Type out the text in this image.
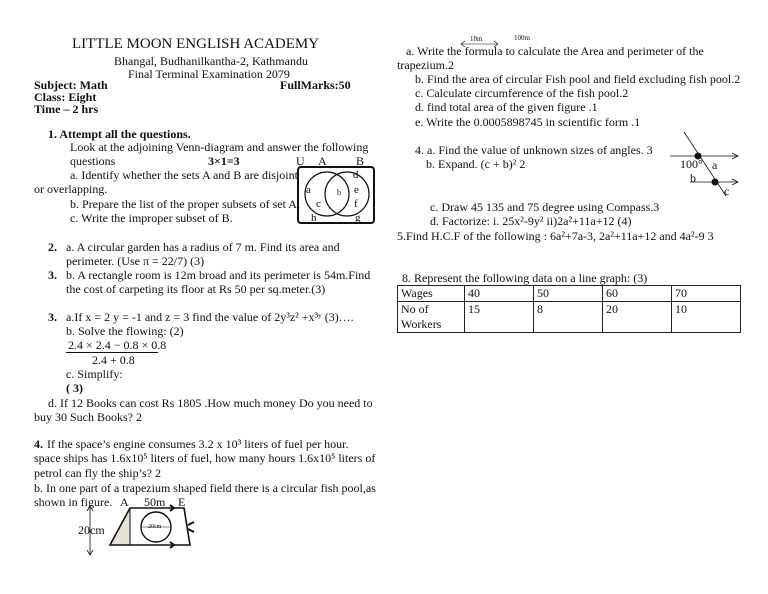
LITTLE MOON ENGLISH ACADEMY
Bhangal, Budhanilkantha-2, Kathmandu
Final Terminal Examination 2079
Subject: Math	FullMarks:50
Class: Eight
Time – 2 hrs
1. Attempt all the questions.
Look at the adjoining Venn-diagram and answer the following
questions	3×1=3
a. Identify whether the sets A and B are disjoint
or overlapping.
b. Prepare the list of the proper subsets of set A.
c. Write the improper subset of B.
U A B
a	b
c
d
e
f
g
h
2. a. A circular garden has a radius of 7 m. Find its area and
perimeter. (Use π = 22/7) (3)
3. b. A rectangle room is 12m broad and its perimeter is 54m.Find
the cost of carpeting its floor at Rs 50 per sq.meter.(3)
3. a.If x = 2 y = -1 and z = 3 find the value of 2y³z² +x³ʸ (3)….
b. Solve the flowing: (2)
2.4 × 2.4 − 0.8 × 0.8
2.4 + 0.8
c. Simplify:
( 3)
d. If 12 Books can cost Rs 1805 .How much money Do you need to
buy 30 Such Books? 2
4. If the space’s engine consumes 3.2 x 10³ liters of fuel per hour.
space ships has 1.6x10⁵ liters of fuel, how many hours 1.6x10⁵ liters of
petrol can fly the ship’s? 2
b. In one part of a trapezium shaped field there is a circular fish pool,as
shown in figure. A 50m E
20cm	20cm
18m	100m
a. Write the formula to calculate the Area and perimeter of the
trapezium.2
b. Find the area of circular Fish pool and field excluding fish pool.2
c. Calculate circumference of the fish pool.2
d. find total area of the given figure .1
e. Write the 0.0005898745 in scientific form .1
4. a. Find the value of unknown sizes of angles. 3
b. Expand. (c + b)² 2	100° a
b
c
c. Draw 45 135 and 75 degree using Compass.3
d. Factorize: i. 25x²-9y² ii)2a²+11a+12 (4)
5.Find H.C.F of the following : 6a²+7a-3, 2a²+11a+12 and 4a²-9 3
8. Represent the following data on a line graph: (3)
Wages	40	50	60	70

No of
Workers	15	8	20	10
